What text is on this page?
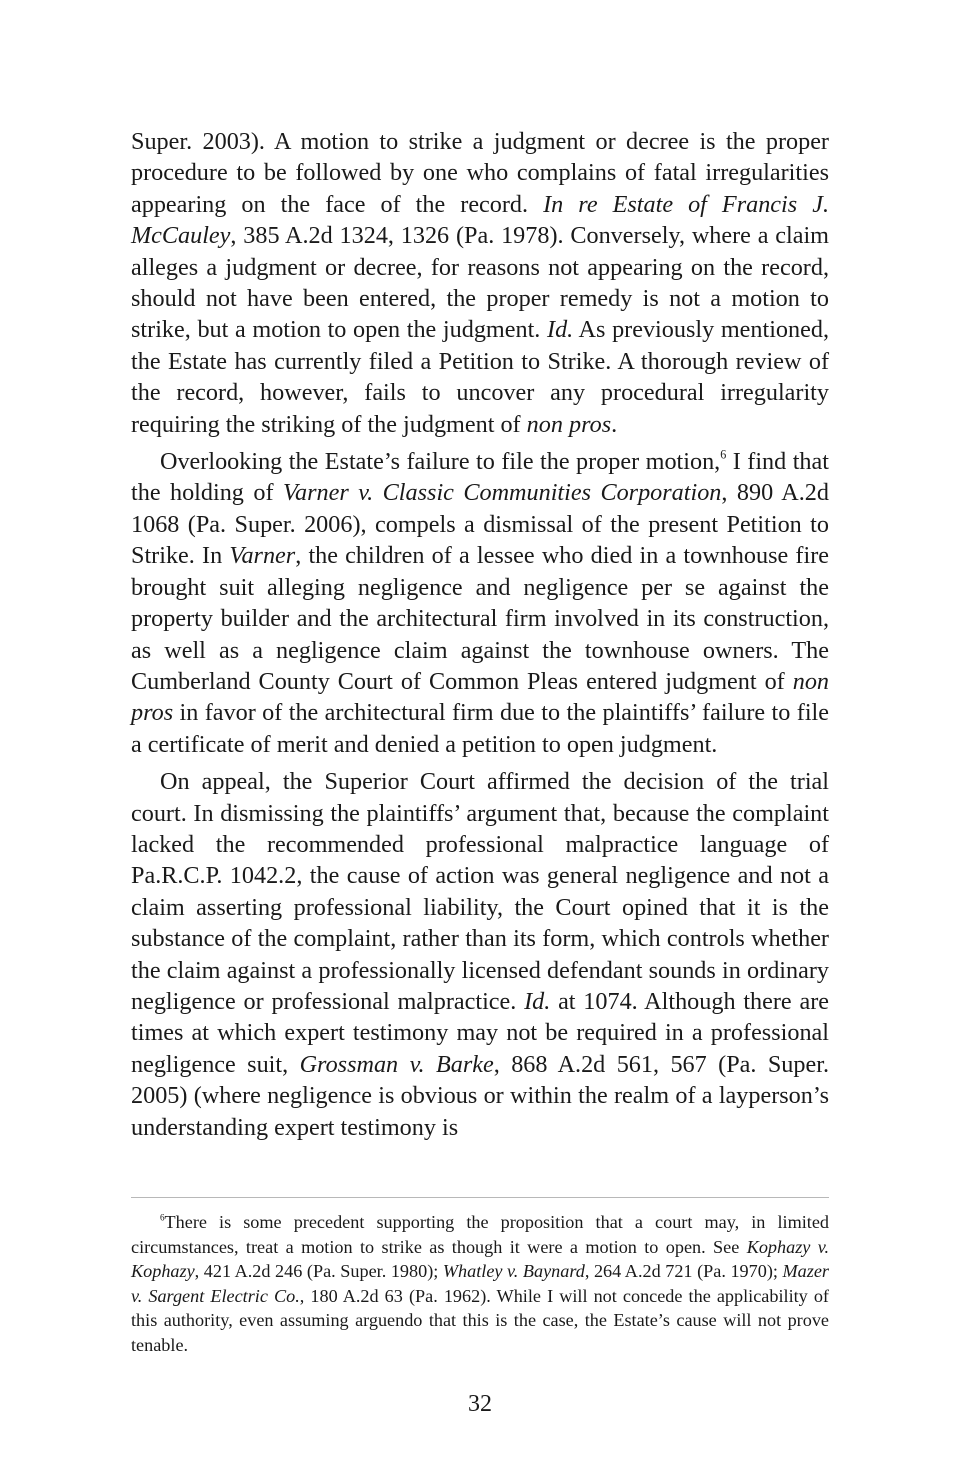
Super. 2003). A motion to strike a judgment or decree is the proper procedure to be followed by one who complains of fatal irregularities appearing on the face of the record. In re Estate of Francis J. McCauley, 385 A.2d 1324, 1326 (Pa. 1978). Conversely, where a claim alleges a judgment or decree, for reasons not appearing on the record, should not have been entered, the proper remedy is not a motion to strike, but a motion to open the judgment. Id. As previously mentioned, the Estate has currently filed a Petition to Strike. A thorough review of the record, however, fails to uncover any procedural irregularity requiring the striking of the judgment of non pros.

Overlooking the Estate’s failure to file the proper motion,$^6$ I find that the holding of Varner v. Classic Communities Corporation, 890 A.2d 1068 (Pa. Super. 2006), compels a dismissal of the present Petition to Strike. In Varner, the children of a lessee who died in a townhouse fire brought suit alleging negligence and negligence per se against the property builder and the architectural firm involved in its construction, as well as a negligence claim against the townhouse owners. The Cumberland County Court of Common Pleas entered judgment of non pros in favor of the architectural firm due to the plaintiffs’ failure to file a certificate of merit and denied a petition to open judgment.

On appeal, the Superior Court affirmed the decision of the trial court. In dismissing the plaintiffs’ argument that, because the complaint lacked the recommended professional malpractice language of Pa.R.C.P. 1042.2, the cause of action was general negligence and not a claim asserting professional liability, the Court opined that it is the substance of the complaint, rather than its form, which controls whether the claim against a professionally licensed defendant sounds in ordinary negligence or professional malpractice. Id. at 1074. Although there are times at which expert testimony may not be required in a professional negligence suit, Grossman v. Barke, 868 A.2d 561, 567 (Pa. Super. 2005) (where negligence is obvious or within the realm of a layperson’s understanding expert testimony is

$^6$There is some precedent supporting the proposition that a court may, in limited circumstances, treat a motion to strike as though it were a motion to open. See Kophazy v. Kophazy, 421 A.2d 246 (Pa. Super. 1980); Whatley v. Baynard, 264 A.2d 721 (Pa. 1970); Mazer v. Sargent Electric Co., 180 A.2d 63 (Pa. 1962). While I will not concede the applicability of this authority, even assuming arguendo that this is the case, the Estate’s cause will not prove tenable.

32
